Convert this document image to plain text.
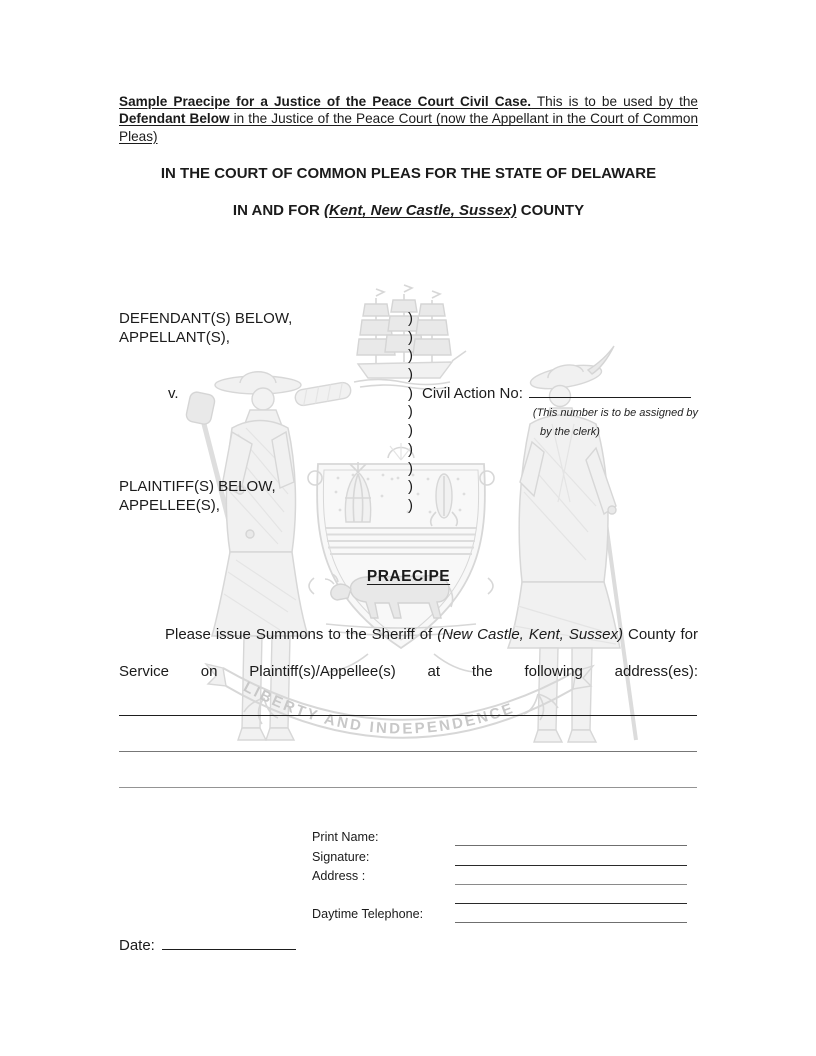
LIBERTY AND INDEPENDENCE

Sample Praecipe for a Justice of the Peace Court Civil Case. This is to be used by the Defendant Below in the Justice of the Peace Court (now the Appellant in the Court of Common Pleas)

IN THE COURT OF COMMON PLEAS FOR THE STATE OF DELAWARE
IN AND FOR (Kent, New Castle, Sussex) COUNTY
DEFENDANT(S) BELOW,	)
APPELLANT(S),	)
)
)
v.	) Civil Action No:
)	(This number is to be assigned by
)	by the clerk)
)
)
PLAINTIFF(S) BELOW,	)
APPELLEE(S),	)
PRAECIPE

Please issue Summons to the Sheriff of (New Castle, Kent, Sussex) County for Service on Plaintiff(s)/Appellee(s) at the following address(es):

Print Name:
Signature:
Address :
Daytime Telephone:
Date:
